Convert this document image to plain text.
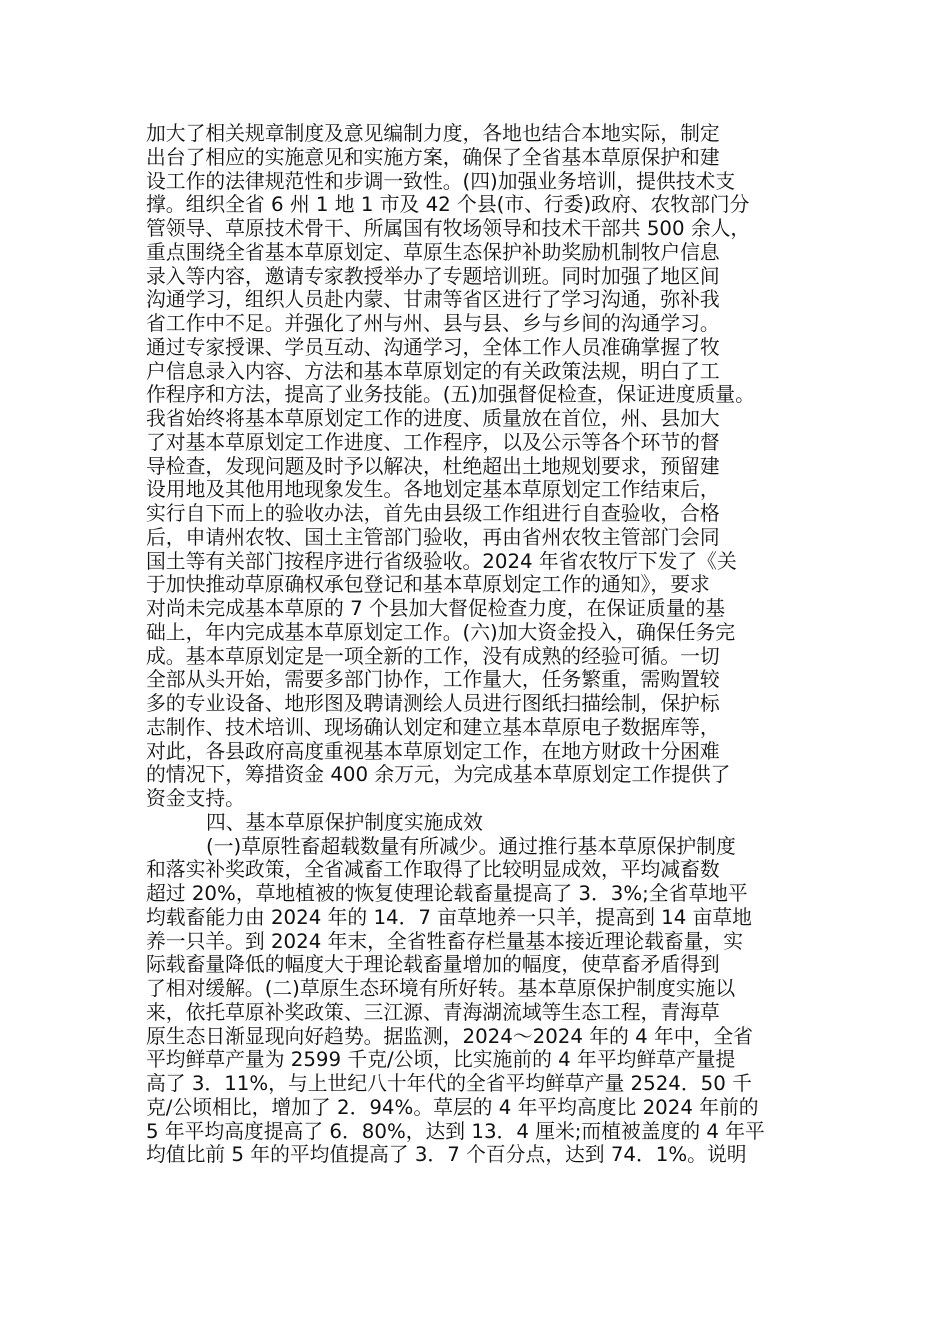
加大了相关规章制度及意见编制力度，各地也结合本地实际，制定
出台了相应的实施意见和实施方案，确保了全省基本草原保护和建
设工作的法律规范性和步调一致性。(四)加强业务培训，提供技术支
撑。组织全省 6 州 1 地 1 市及 42 个县(市、行委)政府、农牧部门分
管领导、草原技术骨干、所属国有牧场领导和技术干部共 500 余人，
重点围绕全省基本草原划定、草原生态保护补助奖励机制牧户信息
录入等内容，邀请专家教授举办了专题培训班。同时加强了地区间
沟通学习，组织人员赴内蒙、甘肃等省区进行了学习沟通，弥补我
省工作中不足。并强化了州与州、县与县、乡与乡间的沟通学习。
通过专家授课、学员互动、沟通学习，全体工作人员准确掌握了牧
户信息录入内容、方法和基本草原划定的有关政策法规，明白了工
作程序和方法，提高了业务技能。(五)加强督促检查，保证进度质量。
我省始终将基本草原划定工作的进度、质量放在首位，州、县加大
了对基本草原划定工作进度、工作程序，以及公示等各个环节的督
导检查，发现问题及时予以解决，杜绝超出土地规划要求，预留建
设用地及其他用地现象发生。各地划定基本草原划定工作结束后，
实行自下而上的验收办法，首先由县级工作组进行自查验收，合格
后，申请州农牧、国土主管部门验收，再由省州农牧主管部门会同
国土等有关部门按程序进行省级验收。2024 年省农牧厅下发了《关
于加快推动草原确权承包登记和基本草原划定工作的通知》，要求
对尚未完成基本草原的 7 个县加大督促检查力度，在保证质量的基
础上，年内完成基本草原划定工作。(六)加大资金投入，确保任务完
成。基本草原划定是一项全新的工作，没有成熟的经验可循。一切
全部从头开始，需要多部门协作，工作量大，任务繁重，需购置较
多的专业设备、地形图及聘请测绘人员进行图纸扫描绘制，保护标
志制作、技术培训、现场确认划定和建立基本草原电子数据库等，
对此，各县政府高度重视基本草原划定工作，在地方财政十分困难
的情况下，筹措资金 400 余万元，为完成基本草原划定工作提供了
资金支持。
四、基本草原保护制度实施成效
(一)草原牲畜超载数量有所减少。通过推行基本草原保护制度
和落实补奖政策，全省减畜工作取得了比较明显成效，平均减畜数
超过 20%，草地植被的恢复使理论载畜量提高了 3．3%;全省草地平
均载畜能力由 2024 年的 14．7 亩草地养一只羊，提高到 14 亩草地
养一只羊。到 2024 年末，全省牲畜存栏量基本接近理论载畜量，实
际载畜量降低的幅度大于理论载畜量增加的幅度，使草畜矛盾得到
了相对缓解。(二)草原生态环境有所好转。基本草原保护制度实施以
来，依托草原补奖政策、三江源、青海湖流域等生态工程，青海草
原生态日渐显现向好趋势。据监测，2024～2024 年的 4 年中，全省
平均鲜草产量为 2599 千克/公顷，比实施前的 4 年平均鲜草产量提
高了 3．11%，与上世纪八十年代的全省平均鲜草产量 2524．50 千
克/公顷相比，增加了 2．94%。草层的 4 年平均高度比 2024 年前的
5 年平均高度提高了 6．80%，达到 13．4 厘米;而植被盖度的 4 年平
均值比前 5 年的平均值提高了 3．7 个百分点，达到 74．1%。说明
